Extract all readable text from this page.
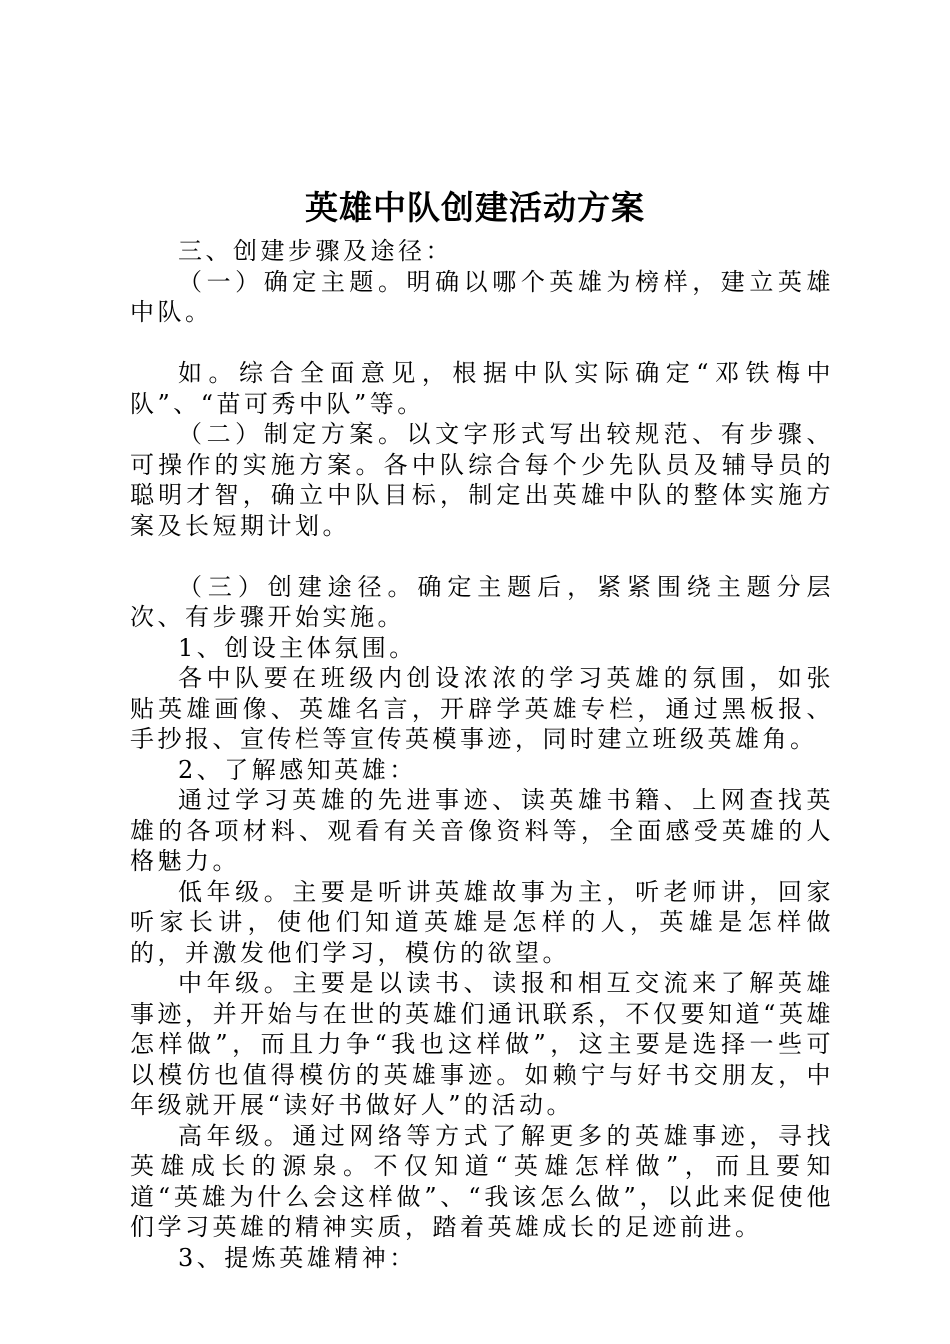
英雄中队创建活动方案

三、创建步骤及途径：

（一）确定主题。明确以哪个英雄为榜样，建立英雄中队。

如。综合全面意见，根据中队实际确定“邓铁梅中队”、“苗可秀中队”等。

（二）制定方案。以文字形式写出较规范、有步骤、可操作的实施方案。各中队综合每个少先队员及辅导员的聪明才智，确立中队目标，制定出英雄中队的整体实施方案及长短期计划。

（三）创建途径。确定主题后，紧紧围绕主题分层次、有步骤开始实施。

1、创设主体氛围。

各中队要在班级内创设浓浓的学习英雄的氛围，如张贴英雄画像、英雄名言，开辟学英雄专栏，通过黑板报、手抄报、宣传栏等宣传英模事迹，同时建立班级英雄角。

2、了解感知英雄：

通过学习英雄的先进事迹、读英雄书籍、上网查找英雄的各项材料、观看有关音像资料等，全面感受英雄的人格魅力。

低年级。主要是听讲英雄故事为主，听老师讲，回家听家长讲，使他们知道英雄是怎样的人，英雄是怎样做的，并激发他们学习，模仿的欲望。

中年级。主要是以读书、读报和相互交流来了解英雄事迹，并开始与在世的英雄们通讯联系，不仅要知道“英雄怎样做”，而且力争“我也这样做”，这主要是选择一些可以模仿也值得模仿的英雄事迹。如赖宁与好书交朋友，中年级就开展“读好书做好人”的活动。

高年级。通过网络等方式了解更多的英雄事迹，寻找英雄成长的源泉。不仅知道“英雄怎样做”，而且要知道“英雄为什么会这样做”、“我该怎么做”，以此来促使他们学习英雄的精神实质，踏着英雄成长的足迹前进。

3、提炼英雄精神：
